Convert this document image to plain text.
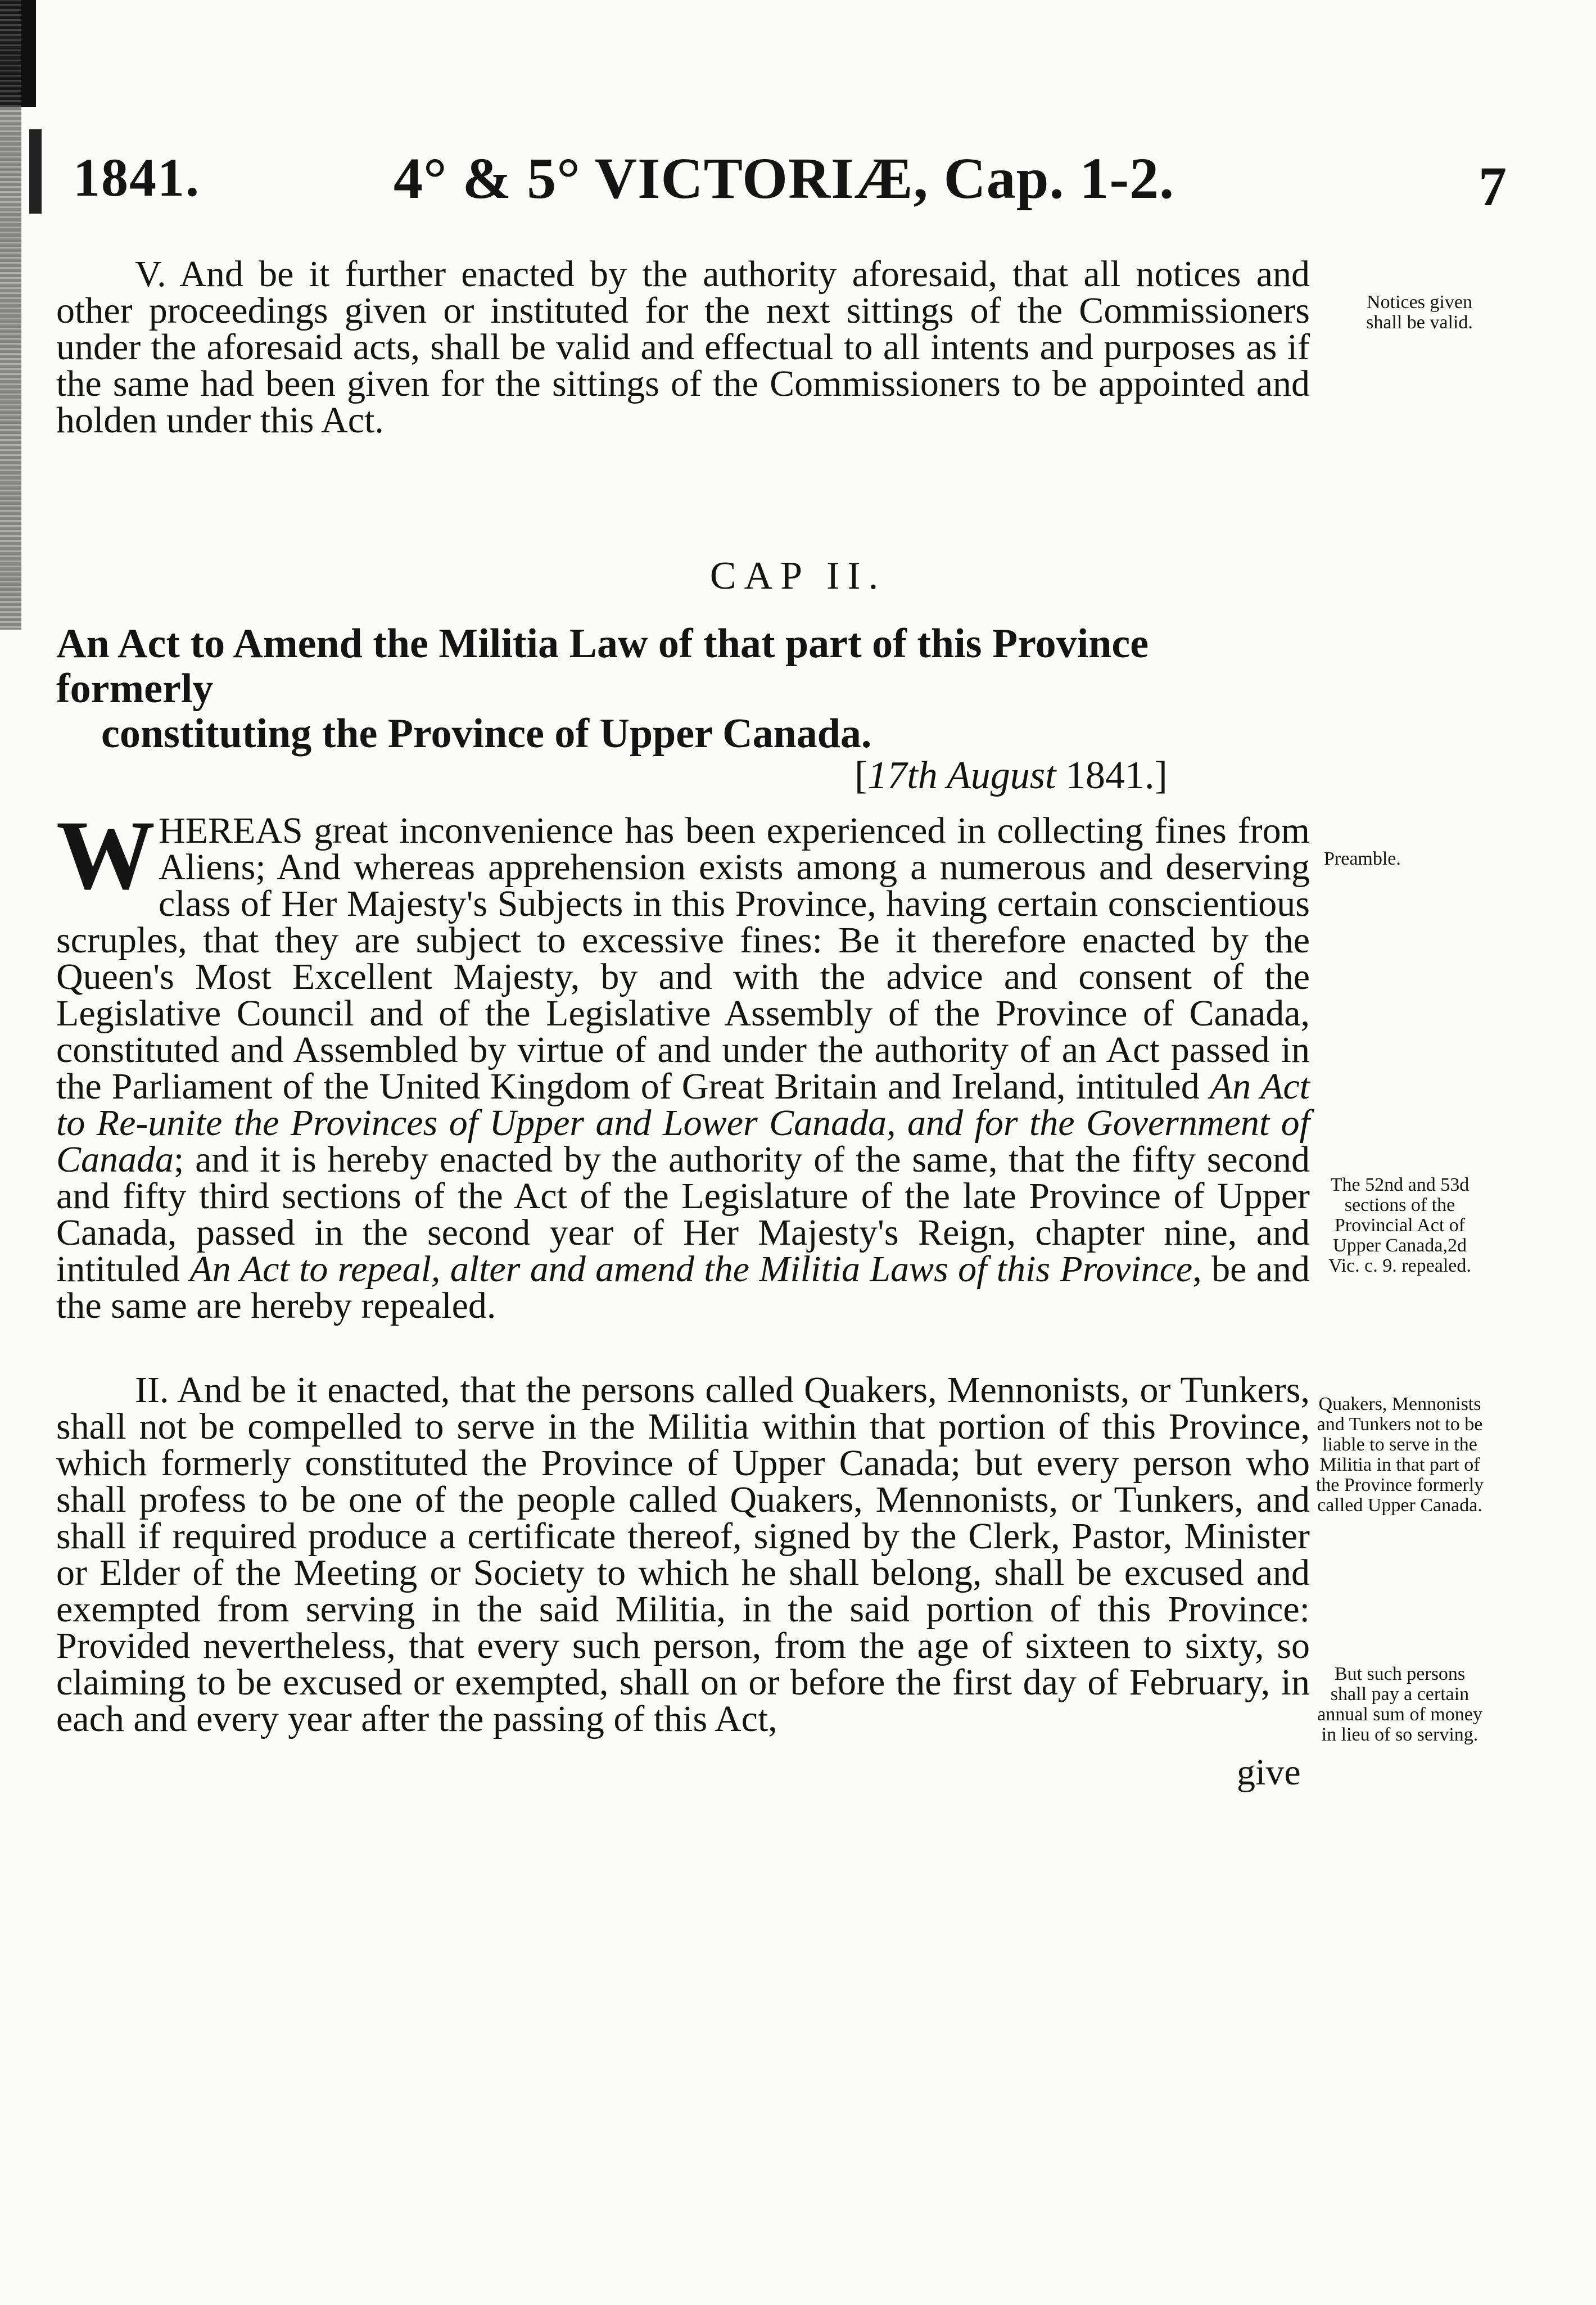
1841.	4° & 5° VICTORIÆ, Cap. 1-2.	7

V. And be it further enacted by the authority aforesaid, that all notices and other proceedings given or instituted for the next sittings of the Commissioners under the aforesaid acts, shall be valid and effectual to all intents and purposes as if the same had been given for the sittings of the Commissioners to be appointed and holden under this Act.

Notices given shall be valid.
CAP II.
An Act to Amend the Militia Law of that part of this Province formerly
constituting the Province of Upper Canada.
[17th August 1841.]

WHEREAS great inconvenience has been experienced in collecting fines from Aliens; And whereas apprehension exists among a numerous and deserving class of Her Majesty's Subjects in this Province, having certain conscientious scruples, that they are subject to excessive fines: Be it therefore enacted by the Queen's Most Excellent Majesty, by and with the advice and consent of the Legislative Council and of the Legislative Assembly of the Province of Canada, constituted and Assembled by virtue of and under the authority of an Act passed in the Parliament of the United Kingdom of Great Britain and Ireland, intituled An Act to Re-unite the Provinces of Upper and Lower Canada, and for the Government of Canada; and it is hereby enacted by the authority of the same, that the fifty second and fifty third sections of the Act of the Legislature of the late Province of Upper Canada, passed in the second year of Her Majesty's Reign, chapter nine, and intituled An Act to repeal, alter and amend the Militia Laws of this Province, be and the same are hereby repealed.

Preamble.
The 52nd and 53d sections of the Provincial Act of Upper Canada,2d Vic. c. 9. repealed.

II. And be it enacted, that the persons called Quakers, Mennonists, or Tunkers, shall not be compelled to serve in the Militia within that portion of this Province, which formerly constituted the Province of Upper Canada; but every person who shall profess to be one of the people called Quakers, Mennonists, or Tunkers, and shall if required produce a certificate thereof, signed by the Clerk, Pastor, Minister or Elder of the Meeting or Society to which he shall belong, shall be excused and exempted from serving in the said Militia, in the said portion of this Province: Provided nevertheless, that every such person, from the age of sixteen to sixty, so claiming to be excused or exempted, shall on or before the first day of February, in each and every year after the passing of this Act,

give
Quakers, Mennonists and Tunkers not to be liable to serve in the Militia in that part of the Province formerly called Upper Canada.
But such persons shall pay a certain annual sum of money in lieu of so serving.
